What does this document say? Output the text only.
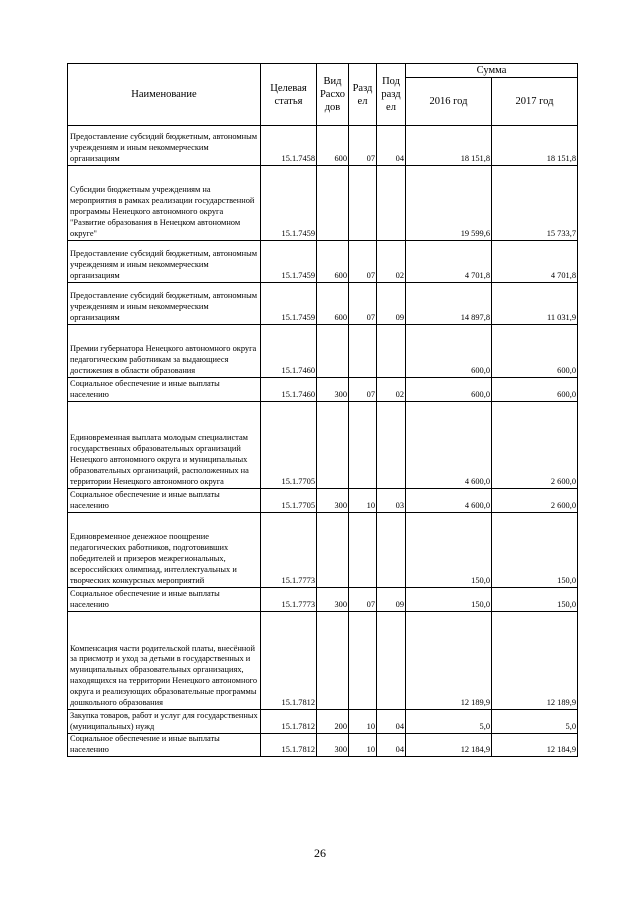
Наименование	Целевая статья	Вид Расхо дов	Разд ел	Под разд ел	Сумма	
					2016 год	2017 год
Предоставление субсидий бюджетным, автономным учреждениям и иным некоммерческим организациям	15.1.7458	600	07	04	18 151,8	18 151,8
Субсидии бюджетным учреждениям на мероприятия в рамках реализации государственной программы Ненецкого автономного округа "Развитие образования в Ненецком автономном округе"	15.1.7459				19 599,6	15 733,7
Предоставление субсидий бюджетным, автономным учреждениям и иным некоммерческим организациям	15.1.7459	600	07	02	4 701,8	4 701,8
Предоставление субсидий бюджетным, автономным учреждениям и иным некоммерческим организациям	15.1.7459	600	07	09	14 897,8	11 031,9
Премии губернатора Ненецкого автономного округа педагогическим работникам за выдающиеся достижения в области образования	15.1.7460				600,0	600,0
Социальное обеспечение и иные выплаты населению	15.1.7460	300	07	02	600,0	600,0
Единовременная выплата молодым специалистам государственных образовательных организаций Ненецкого автономного округа и муниципальных образовательных организаций, расположенных на территории Ненецкого автономного округа	15.1.7705				4 600,0	2 600,0
Социальное обеспечение и иные выплаты населению	15.1.7705	300	10	03	4 600,0	2 600,0
Единовременное денежное поощрение педагогических работников, подготовивших победителей и призеров межрегиональных, всероссийских олимпиад, интеллектуальных и творческих конкурсных мероприятий	15.1.7773				150,0	150,0
Социальное обеспечение и иные выплаты населению	15.1.7773	300	07	09	150,0	150,0
Компенсация части родительской платы, внесённой за присмотр и уход за детьми в государственных и муниципальных образовательных организациях, находящихся на территории Ненецкого автономного округа и реализующих образовательные программы дошкольного образования	15.1.7812				12 189,9	12 189,9
Закупка товаров, работ и услуг для государственных (муниципальных) нужд	15.1.7812	200	10	04	5,0	5,0
Социальное обеспечение и иные выплаты населению	15.1.7812	300	10	04	12 184,9	12 184,9
26
